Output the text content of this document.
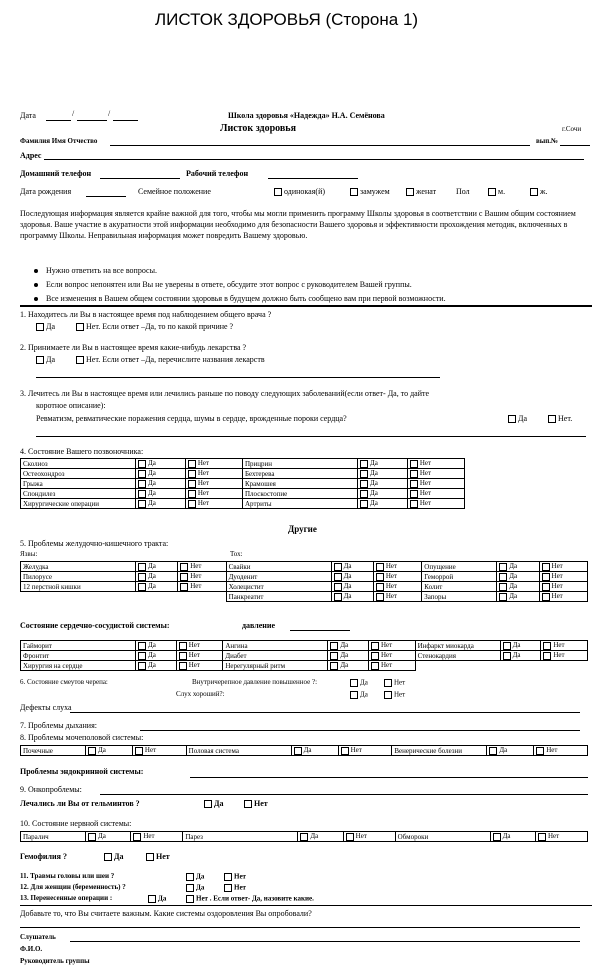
ЛИСТОК ЗДОРОВЬЯ (Сторона 1)
Дата	/	/	Школа здоровья «Надежда» Н.А. Семёнова
Листок здоровья	г.Сочи
Фамилия Имя Отчество	вып.№
Адрес
Домашний телефон	Рабочий телефон
Дата рождения	Семейное положение	одинокая(й)	замужем	женат Пол	м.	ж.
Последующая информация является крайне важной для того, чтобы мы могли применить программу Школы здоровья в соответствии с Вашим общим состоянием здоровья. Ваше участие в акуратности этой информации необходимо для безопасности Вашего здоровья и эффективности прохождения методик, включенных в программу Школы. Неправильная информация может повредить Вашему здоровью.
Нужно ответить на все вопросы.
Если вопрос непонятен или Вы не уверены в ответе, обсудите этот вопрос с руководителем Вашей группы.
Все изменения в Вашем общем состоянии здоровья в будущем должно быть сообщено вам при первой возможности.
1. Находитесь ли Вы в настоящее время под наблюдением общего врача ?
Да	Нет. Если ответ –Да, то по какой причине ?
2. Принимаете ли Вы в настоящее время какие-нибудь лекарства ?
Да	Нет. Если ответ –Да, перечислите названия лекарств
3. Лечитесь ли Вы в настоящее время или лечились раньше по поводу следующих заболеваний(если ответ- Да, то дайте
коротное описание):
Ревматизм, ревматические поражения сердца, шумы в сердце, врожденные пороки сердца?	Да	Нет.
4. Состояние Вашего позвоночника:
Сколиоз	Да	Нет	Прицрин	Да	Нет
Остеохондроз	Да	Нет	Бехтерева	Да	Нет
Грыжа	Да	Нет	Крамошея	Да	Нет
Спондилез	Да	Нет	Плоскостопие	Да	Нет
Хирургические операции	Да	Нет	Артриты	Да	Нет
Другие
5. Проблемы желудочно-кишечного тракта:
Язвы:	Тох:
Желудка	Да	Нет	Свайки	Да	Нет	Опущение	Да	Нет
Пилорусе	Да	Нет	Дуоденит	Да	Нет	Геморрой	Да	Нет
12 перстной кишки	Да	Нет	Холецистит	Да	Нет	Колит	Да	Нет
			Панкреатит	Да	Нет	Запоры	Да	Нет
Состояние сердечно-сосудистой системы:	давление
Гайморит	Да	Нет	Ангина	Да	Нет	Инфаркт миокарда	Да	Нет
Фронтит	Да	Нет	Диабет	Да	Нет	Стенокардия	Да	Нет
Хирургия на сердце	Да	Нет	Нерегулярный ритм	Да	Нет			
6. Состояние смеутов черепа:	Внутричерепное давление повышенное ?:	Да	Нет
Слух хороший?:	Да	Нет
Дефекты слуха
7. Проблемы дыхания:
8. Проблемы мочеполовой системы:
Почечные	Да	Нет	Половая система	Да	Нет	Венерические болезни	Да	Нет
Проблемы эндокринной системы:
9. Онкопроблемы:
Лечались ли Вы от гельминтов ?	Да	Нет
10. Состояние нервной системы:
Паралич	Да	Нет	Парез	Да	Нет	Обмороки	Да	Нет
Гемофилия ?	Да	Нет
11. Травмы головы или шеи ?	Да	Нет
12. Для женщин (беременность) ?	Да	Нет
13. Перенесенные операции :	Да	Нет . Если ответ- Да, назовите какие.
Добавьте то, что Вы считаете важным. Какие системы оздоровления Вы опробовали?
Слушатель
Ф.И.О.
Руководитель группы
